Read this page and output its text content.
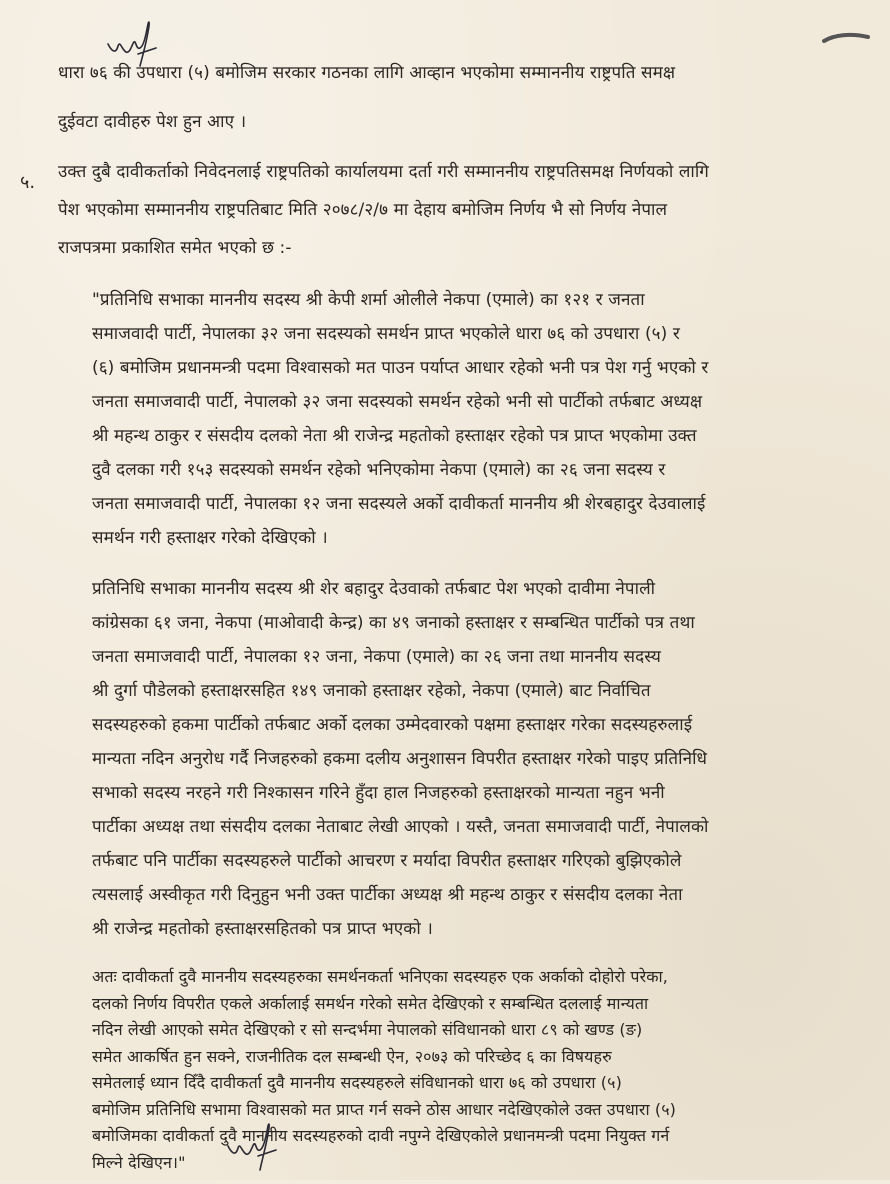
धारा ७६ की उपधारा (५) बमोजिम सरकार गठनका लागि आव्हान भएकोमा सम्माननीय राष्ट्रपति समक्ष
दुईवटा दावीहरु पेश हुन आए ।
५. उक्त दुबै दावीकर्ताको निवेदनलाई राष्ट्रपतिको कार्यालयमा दर्ता गरी सम्माननीय राष्ट्रपतिसमक्ष निर्णयको लागि
पेश भएकोमा सम्माननीय राष्ट्रपतिबाट मिति २०७८/२/७ मा देहाय बमोजिम निर्णय भै सो निर्णय नेपाल
राजपत्रमा प्रकाशित समेत भएको छ :-
"प्रतिनिधि सभाका माननीय सदस्य श्री केपी शर्मा ओलीले नेकपा (एमाले) का १२१ र जनता
समाजवादी पार्टी, नेपालका ३२ जना सदस्यको समर्थन प्राप्त भएकोले धारा ७६ को उपधारा (५) र
(६) बमोजिम प्रधानमन्त्री पदमा विश्वासको मत पाउन पर्याप्त आधार रहेको भनी पत्र पेश गर्नु भएको र
जनता समाजवादी पार्टी, नेपालको ३२ जना सदस्यको समर्थन रहेको भनी सो पार्टीको तर्फबाट अध्यक्ष
श्री महन्थ ठाकुर र संसदीय दलको नेता श्री राजेन्द्र महतोको हस्ताक्षर रहेको पत्र प्राप्त भएकोमा उक्त
दुवै दलका गरी १५३ सदस्यको समर्थन रहेको भनिएकोमा नेकपा (एमाले) का २६ जना सदस्य र
जनता समाजवादी पार्टी, नेपालका १२ जना सदस्यले अर्को दावीकर्ता माननीय श्री शेरबहादुर देउवालाई
समर्थन गरी हस्ताक्षर गरेको देखिएको ।
प्रतिनिधि सभाका माननीय सदस्य श्री शेर बहादुर देउवाको तर्फबाट पेश भएको दावीमा नेपाली
कांग्रेसका ६१ जना, नेकपा (माओवादी केन्द्र) का ४९ जनाको हस्ताक्षर र सम्बन्धित पार्टीको पत्र तथा
जनता समाजवादी पार्टी, नेपालका १२ जना, नेकपा (एमाले) का २६ जना तथा माननीय सदस्य
श्री दुर्गा पौडेलको हस्ताक्षरसहित १४९ जनाको हस्ताक्षर रहेको, नेकपा (एमाले) बाट निर्वाचित
सदस्यहरुको हकमा पार्टीको तर्फबाट अर्को दलका उम्मेदवारको पक्षमा हस्ताक्षर गरेका सदस्यहरुलाई
मान्यता नदिन अनुरोध गर्दै निजहरुको हकमा दलीय अनुशासन विपरीत हस्ताक्षर गरेको पाइए प्रतिनिधि
सभाको सदस्य नरहने गरी निश्कासन गरिने हुँदा हाल निजहरुको हस्ताक्षरको मान्यता नहुन भनी
पार्टीका अध्यक्ष तथा संसदीय दलका नेताबाट लेखी आएको । यस्तै, जनता समाजवादी पार्टी, नेपालको
तर्फबाट पनि पार्टीका सदस्यहरुले पार्टीको आचरण र मर्यादा विपरीत हस्ताक्षर गरिएको बुझिएकोले
त्यसलाई अस्वीकृत गरी दिनुहुन भनी उक्त पार्टीका अध्यक्ष श्री महन्थ ठाकुर र संसदीय दलका नेता
श्री राजेन्द्र महतोको हस्ताक्षरसहितको पत्र प्राप्त भएको ।
अतः दावीकर्ता दुवै माननीय सदस्यहरुका समर्थनकर्ता भनिएका सदस्यहरु एक अर्काको दोहोरो परेका,
दलको निर्णय विपरीत एकले अर्कालाई समर्थन गरेको समेत देखिएको र सम्बन्धित दललाई मान्यता
नदिन लेखी आएको समेत देखिएको र सो सन्दर्भमा नेपालको संविधानको धारा ८९ को खण्ड (ङ)
समेत आकर्षित हुन सक्ने, राजनीतिक दल सम्बन्धी ऐन, २०७३ को परिच्छेद ६ का विषयहरु
समेतलाई ध्यान दिँदै दावीकर्ता दुवै माननीय सदस्यहरुले संविधानको धारा ७६ को उपधारा (५)
बमोजिम प्रतिनिधि सभामा विश्वासको मत प्राप्त गर्न सक्ने ठोस आधार नदेखिएकोले उक्त उपधारा (५)
बमोजिमका दावीकर्ता दुवै माननीय सदस्यहरुको दावी नपुग्ने देखिएकोले प्रधानमन्त्री पदमा नियुक्त गर्न
मिल्ने देखिएन।"
